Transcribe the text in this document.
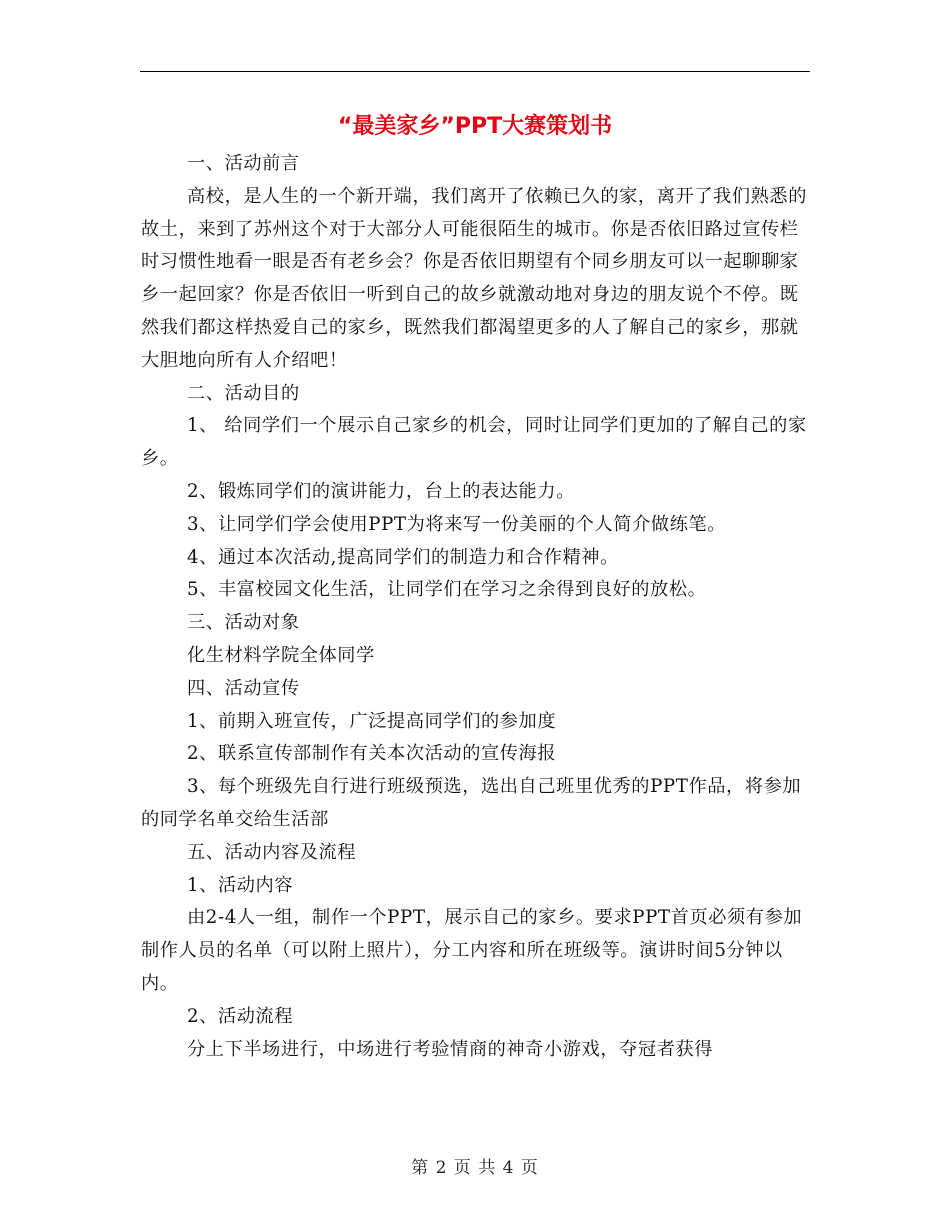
“最美家乡”PPT大赛策划书

一、活动前言

高校，是人生的一个新开端，我们离开了依赖已久的家，离开了我们熟悉的故土，来到了苏州这个对于大部分人可能很陌生的城市。你是否依旧路过宣传栏时习惯性地看一眼是否有老乡会？你是否依旧期望有个同乡朋友可以一起聊聊家乡一起回家？你是否依旧一听到自己的故乡就激动地对身边的朋友说个不停。既然我们都这样热爱自己的家乡，既然我们都渴望更多的人了解自己的家乡，那就大胆地向所有人介绍吧！

二、活动目的

1、 给同学们一个展示自己家乡的机会，同时让同学们更加的了解自己的家乡。

2、锻炼同学们的演讲能力，台上的表达能力。

3、让同学们学会使用PPT为将来写一份美丽的个人简介做练笔。

4、通过本次活动,提高同学们的制造力和合作精神。

5、丰富校园文化生活，让同学们在学习之余得到良好的放松。

三、活动对象

化生材料学院全体同学

四、活动宣传

1、前期入班宣传，广泛提高同学们的参加度

2、联系宣传部制作有关本次活动的宣传海报

3、每个班级先自行进行班级预选，选出自己班里优秀的PPT作品，将参加的同学名单交给生活部

五、活动内容及流程

1、活动内容

由2-4人一组，制作一个PPT，展示自己的家乡。要求PPT首页必须有参加制作人员的名单（可以附上照片），分工内容和所在班级等。演讲时间5分钟以内。

2、活动流程

分上下半场进行，中场进行考验情商的神奇小游戏，夺冠者获得

第 2 页 共 4 页
